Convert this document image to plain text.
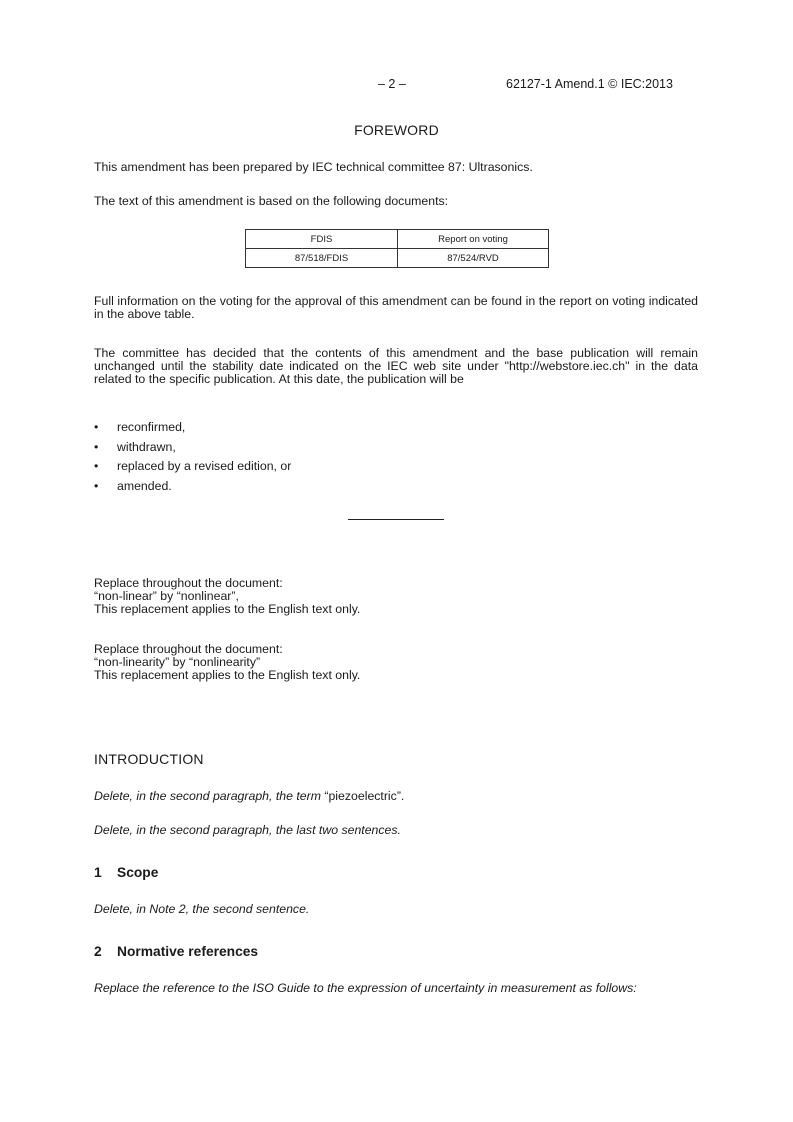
– 2 –	62127-1 Amend.1 © IEC:2013
FOREWORD
This amendment has been prepared by IEC technical committee 87: Ultrasonics.
The text of this amendment is based on the following documents:
FDIS	Report on voting
87/518/FDIS	87/524/RVD
Full information on the voting for the approval of this amendment can be found in the report on voting indicated in the above table.
The committee has decided that the contents of this amendment and the base publication will remain unchanged until the stability date indicated on the IEC web site under "http://webstore.iec.ch" in the data related to the specific publication. At this date, the publication will be
• reconfirmed,
• withdrawn,
• replaced by a revised edition, or
• amended.
Replace throughout the document:
“non-linear” by “nonlinear”,
This replacement applies to the English text only.
Replace throughout the document:
“non-linearity” by “nonlinearity”
This replacement applies to the English text only.
INTRODUCTION
Delete, in the second paragraph, the term “piezoelectric”.
Delete, in the second paragraph, the last two sentences.
1 Scope
Delete, in Note 2, the second sentence.
2 Normative references
Replace the reference to the ISO Guide to the expression of uncertainty in measurement as follows:
